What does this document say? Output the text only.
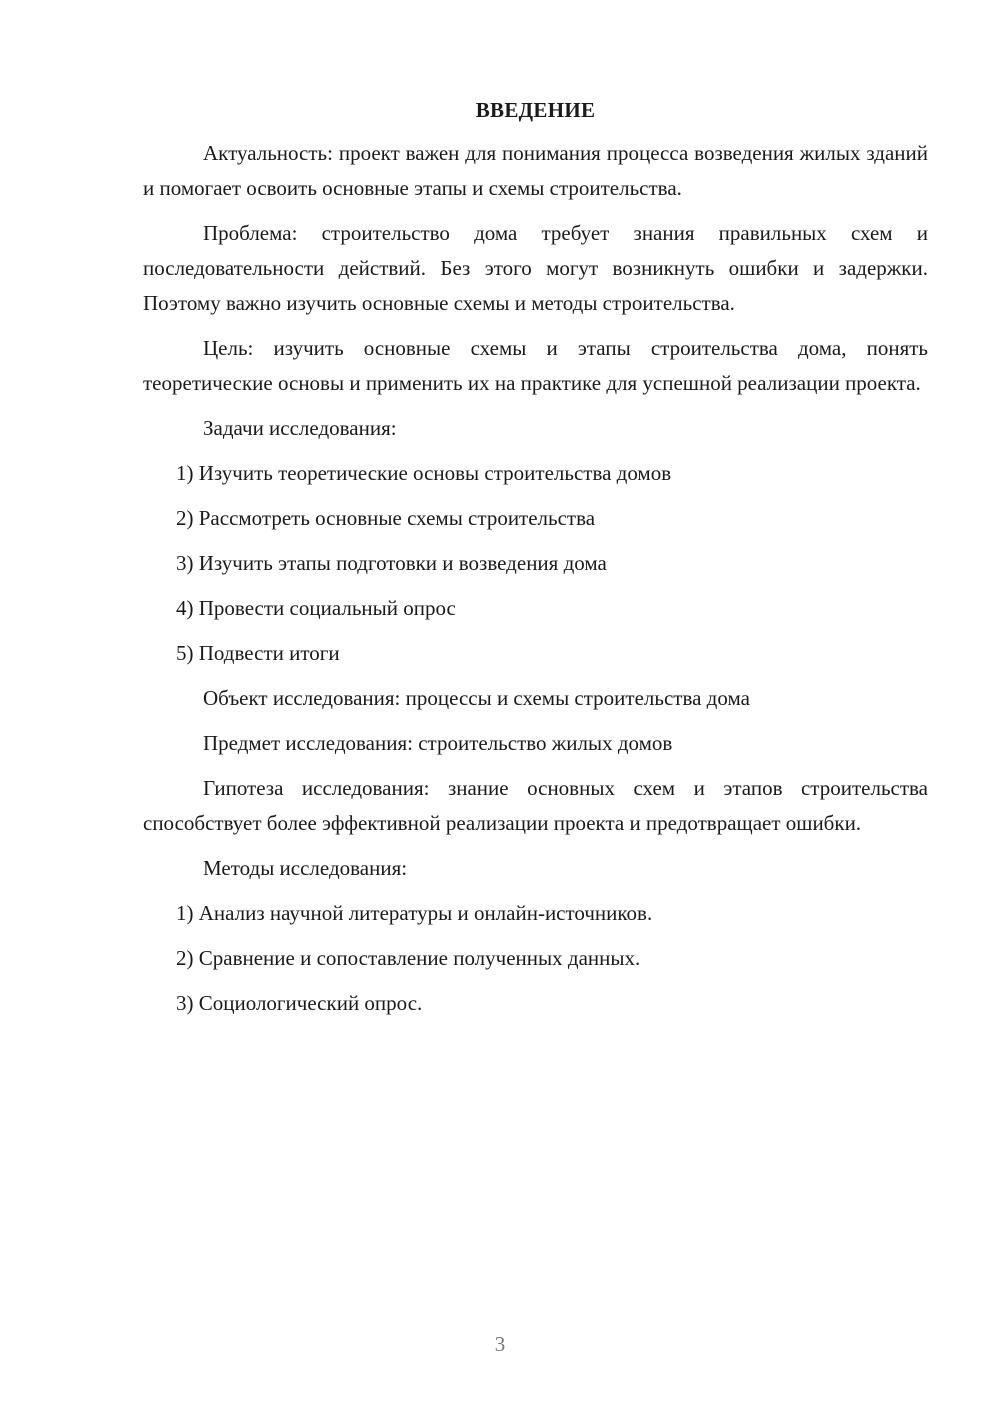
ВВЕДЕНИЕ

Актуальность: проект важен для понимания процесса возведения жилых зданий и помогает освоить основные этапы и схемы строительства.

Проблема: строительство дома требует знания правильных схем и последовательности действий. Без этого могут возникнуть ошибки и задержки. Поэтому важно изучить основные схемы и методы строительства.

Цель: изучить основные схемы и этапы строительства дома, понять теоретические основы и применить их на практике для успешной реализации проекта.

Задачи исследования:
1) Изучить теоретические основы строительства домов
2) Рассмотреть основные схемы строительства
3) Изучить этапы подготовки и возведения дома
4) Провести социальный опрос
5) Подвести итоги
Объект исследования: процессы и схемы строительства дома
Предмет исследования: строительство жилых домов

Гипотеза исследования: знание основных схем и этапов строительства способствует более эффективной реализации проекта и предотвращает ошибки.

Методы исследования:
1) Анализ научной литературы и онлайн-источников.
2) Сравнение и сопоставление полученных данных.
3) Социологический опрос.
3
